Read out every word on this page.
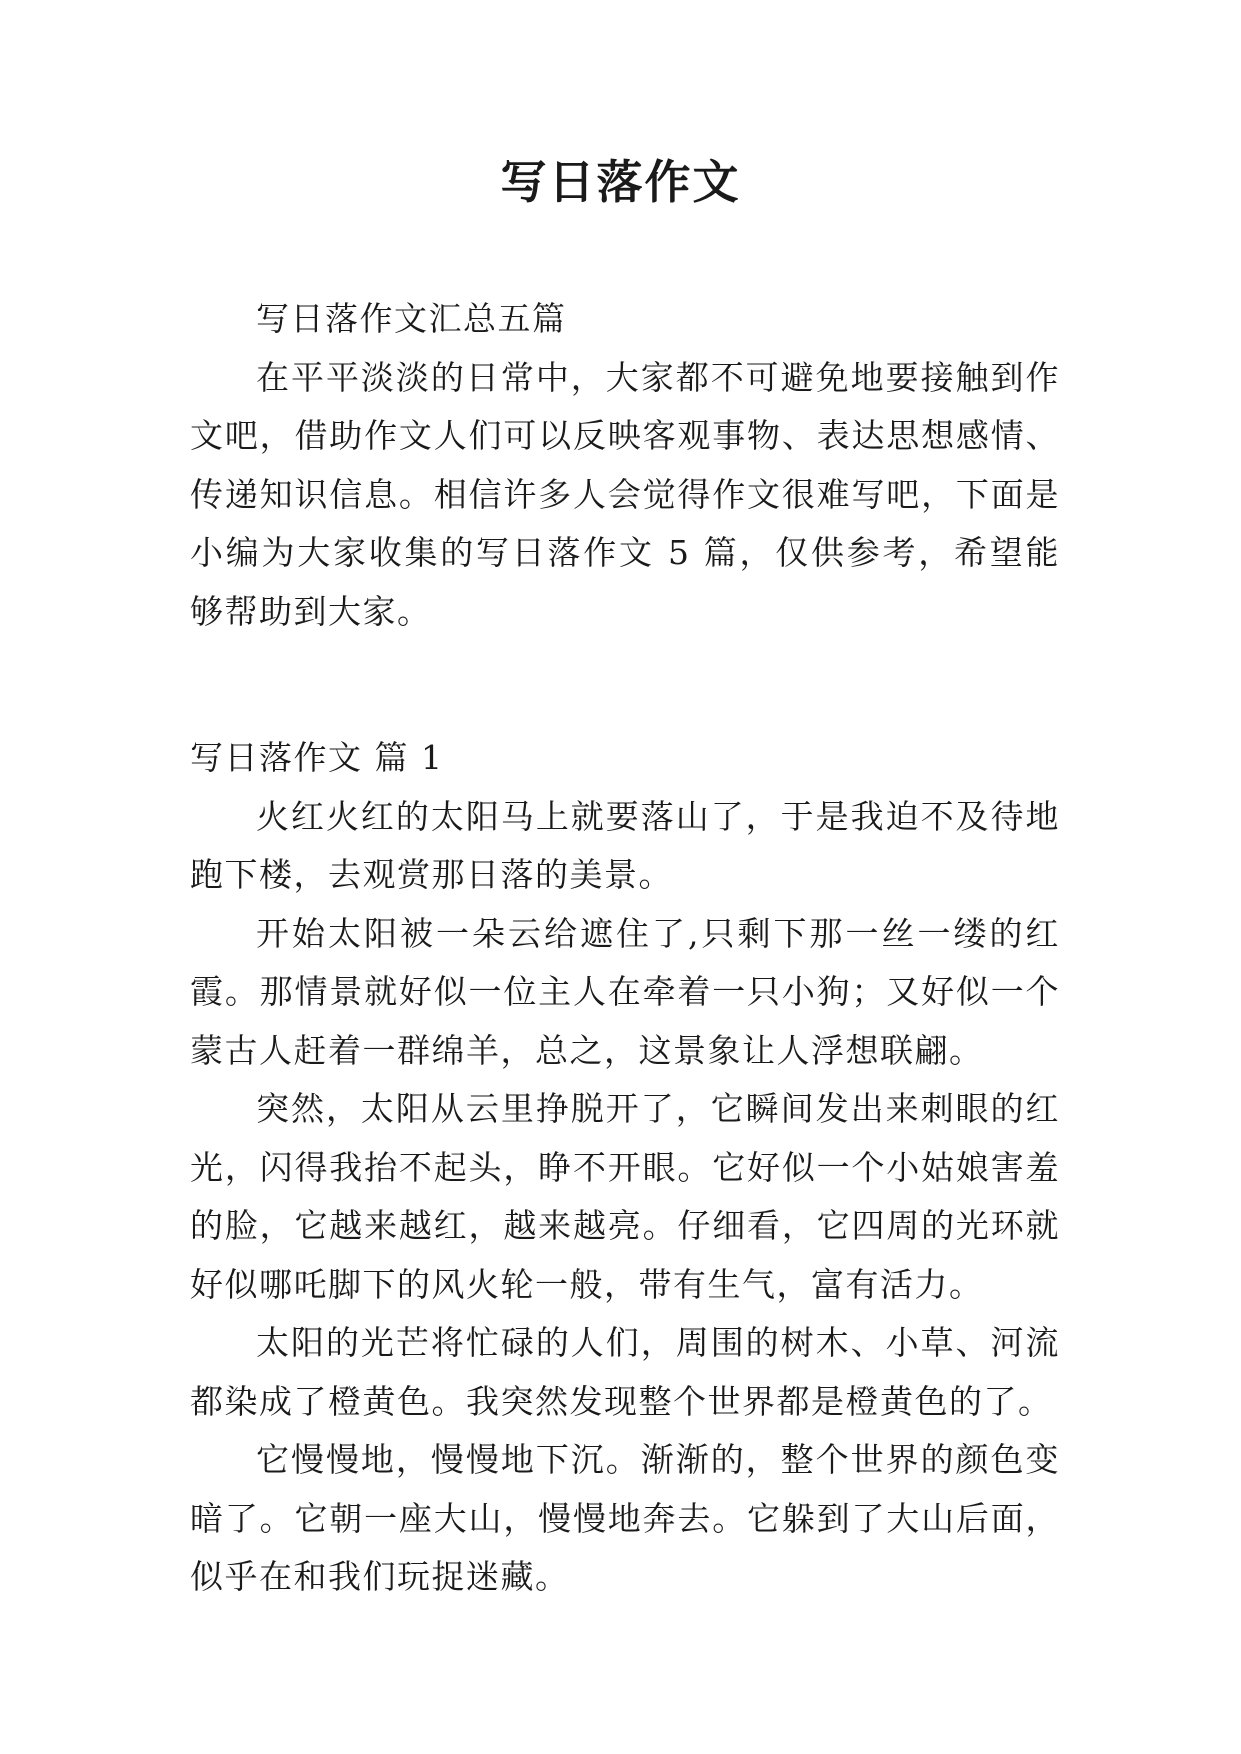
写日落作文

写日落作文汇总五篇

在平平淡淡的日常中，大家都不可避免地要接触到作文吧，借助作文人们可以反映客观事物、表达思想感情、传递知识信息。相信许多人会觉得作文很难写吧，下面是小编为大家收集的写日落作文 5 篇，仅供参考，希望能够帮助到大家。

写日落作文 篇 1

火红火红的太阳马上就要落山了，于是我迫不及待地跑下楼，去观赏那日落的美景。

开始太阳被一朵云给遮住了,只剩下那一丝一缕的红霞。那情景就好似一位主人在牵着一只小狗；又好似一个蒙古人赶着一群绵羊，总之，这景象让人浮想联翩。

突然，太阳从云里挣脱开了，它瞬间发出来刺眼的红光，闪得我抬不起头，睁不开眼。它好似一个小姑娘害羞的脸，它越来越红，越来越亮。仔细看，它四周的光环就好似哪吒脚下的风火轮一般，带有生气，富有活力。

太阳的光芒将忙碌的人们，周围的树木、小草、河流都染成了橙黄色。我突然发现整个世界都是橙黄色的了。

它慢慢地，慢慢地下沉。渐渐的，整个世界的颜色变暗了。它朝一座大山，慢慢地奔去。它躲到了大山后面，似乎在和我们玩捉迷藏。
